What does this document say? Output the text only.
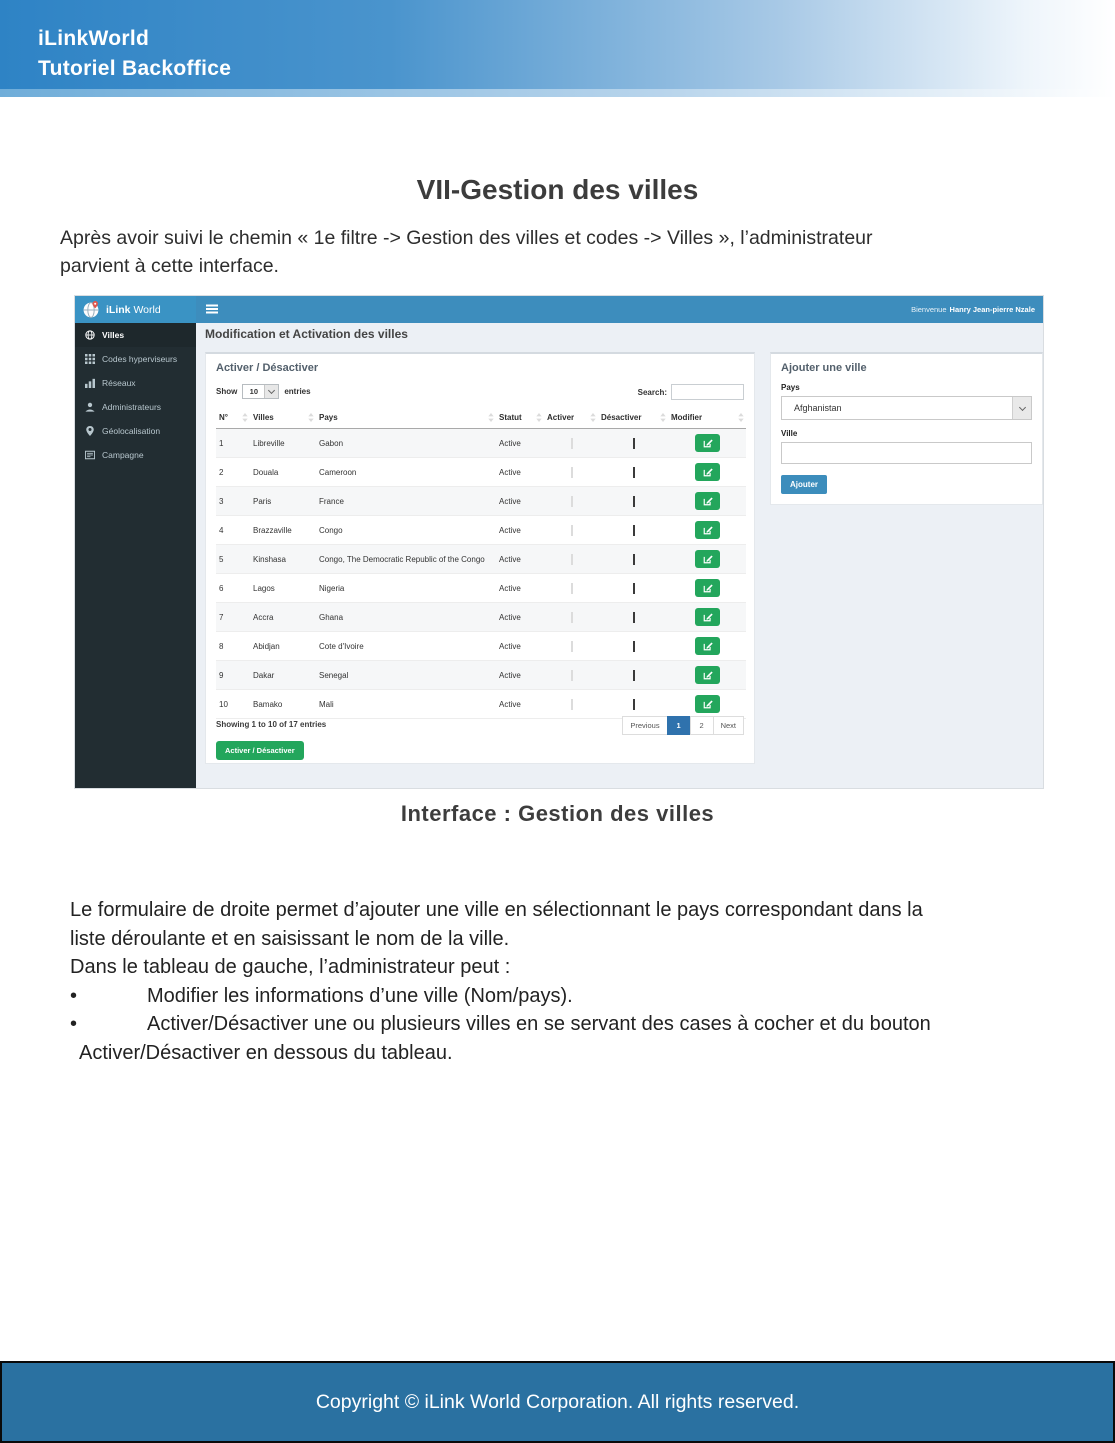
iLinkWorld
Tutoriel Backoffice
VII-Gestion des villes
Après avoir suivi le chemin « 1e filtre -> Gestion des villes et codes -> Villes », l’administrateur
parvient à cette interface.
iLink World	Bienvenue Hanry Jean-pierre Nzale
Villes
Codes hyperviseurs
Réseaux
Administrateurs
Géolocalisation
Campagne
Modification et Activation des villes
Activer / Désactiver
Show	10	entries	Search:
N°	Villes	Pays	Statut	Activer	Désactiver	Modifier

1	Libreville	Gabon	Active			

2	Douala	Cameroon	Active			

3	Paris	France	Active			

4	Brazzaville	Congo	Active			

5	Kinshasa	Congo, The Democratic Republic of the Congo	Active			

6	Lagos	Nigeria	Active			

7	Accra	Ghana	Active			

8	Abidjan	Cote d'Ivoire	Active			

9	Dakar	Senegal	Active			

10	Bamako	Mali	Active			
Showing 1 to 10 of 17 entries	Previous	1	2	Next
Activer / Désactiver
Ajouter une ville
Pays
Afghanistan
Ville
Ajouter
Interface : Gestion des villes
Le formulaire de droite permet d’ajouter une ville en sélectionnant le pays correspondant dans la
liste déroulante et en saisissant le nom de la ville.
Dans le tableau de gauche, l’administrateur peut :
•	Modifier les informations d’une ville (Nom/pays).
•	Activer/Désactiver une ou plusieurs villes en se servant des cases à cocher et du bouton
Activer/Désactiver en dessous du tableau.
Copyright © iLink World Corporation. All rights reserved.
